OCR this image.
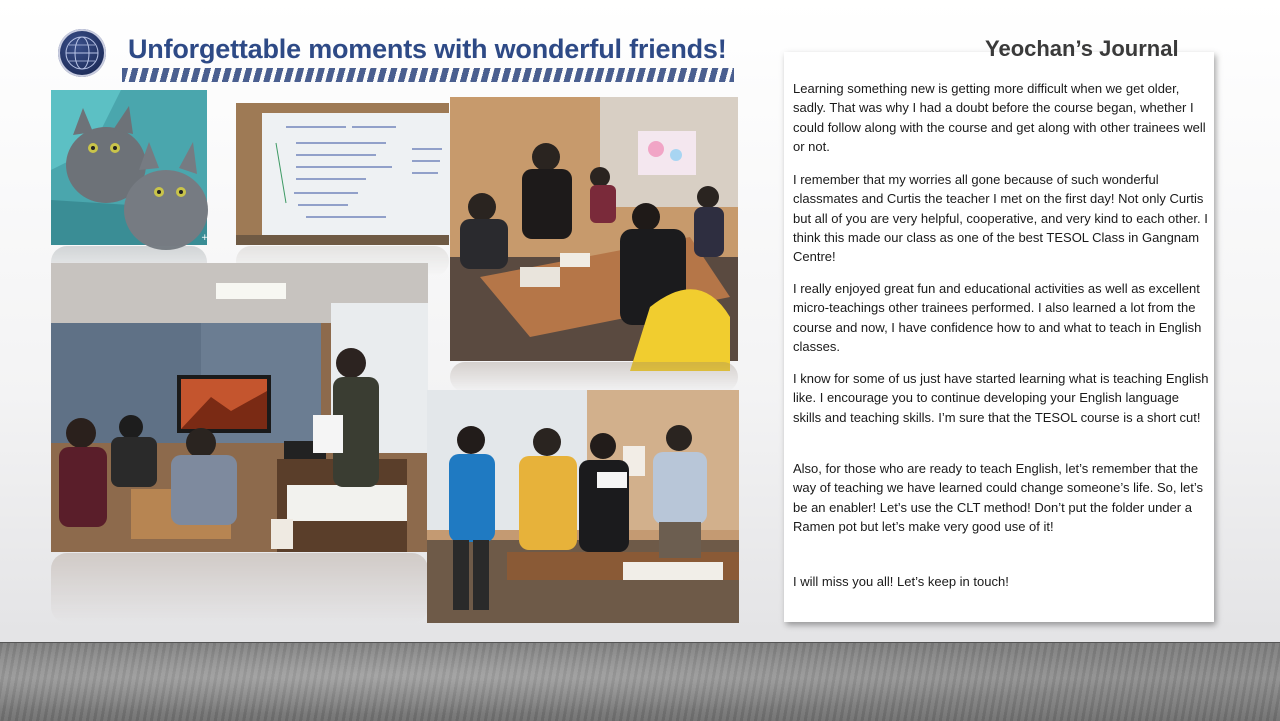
Unforgettable moments with wonderful friends!
+
Yeochan’s Journal

Learning something new is getting more difficult when we get older, sadly. That was why I had a doubt before the course began, whether I could follow along with the course and get along with other trainees well or not.

I remember that my worries all gone because of such wonderful classmates and Curtis the teacher I met on the first day! Not only Curtis but all of you are very helpful, cooperative, and very kind to each other. I think this made our class as one of the best TESOL Class in Gangnam Centre!

I really enjoyed great fun and educational activities as well as excellent micro-teachings other trainees performed. I also learned a lot from the course and now, I have confidence how to and what to teach in English classes.

I know for some of us just have started learning what is teaching English like. I encourage you to continue developing your English language skills and teaching skills. I’m sure that the TESOL course is a short cut!

Also, for those who are ready to teach English, let’s remember that the way of teaching we have learned could change someone’s life. So, let’s be an enabler! Let’s use the CLT method! Don’t put the folder under a Ramen pot but let’s make very good use of it!

I will miss you all! Let’s keep in touch!
